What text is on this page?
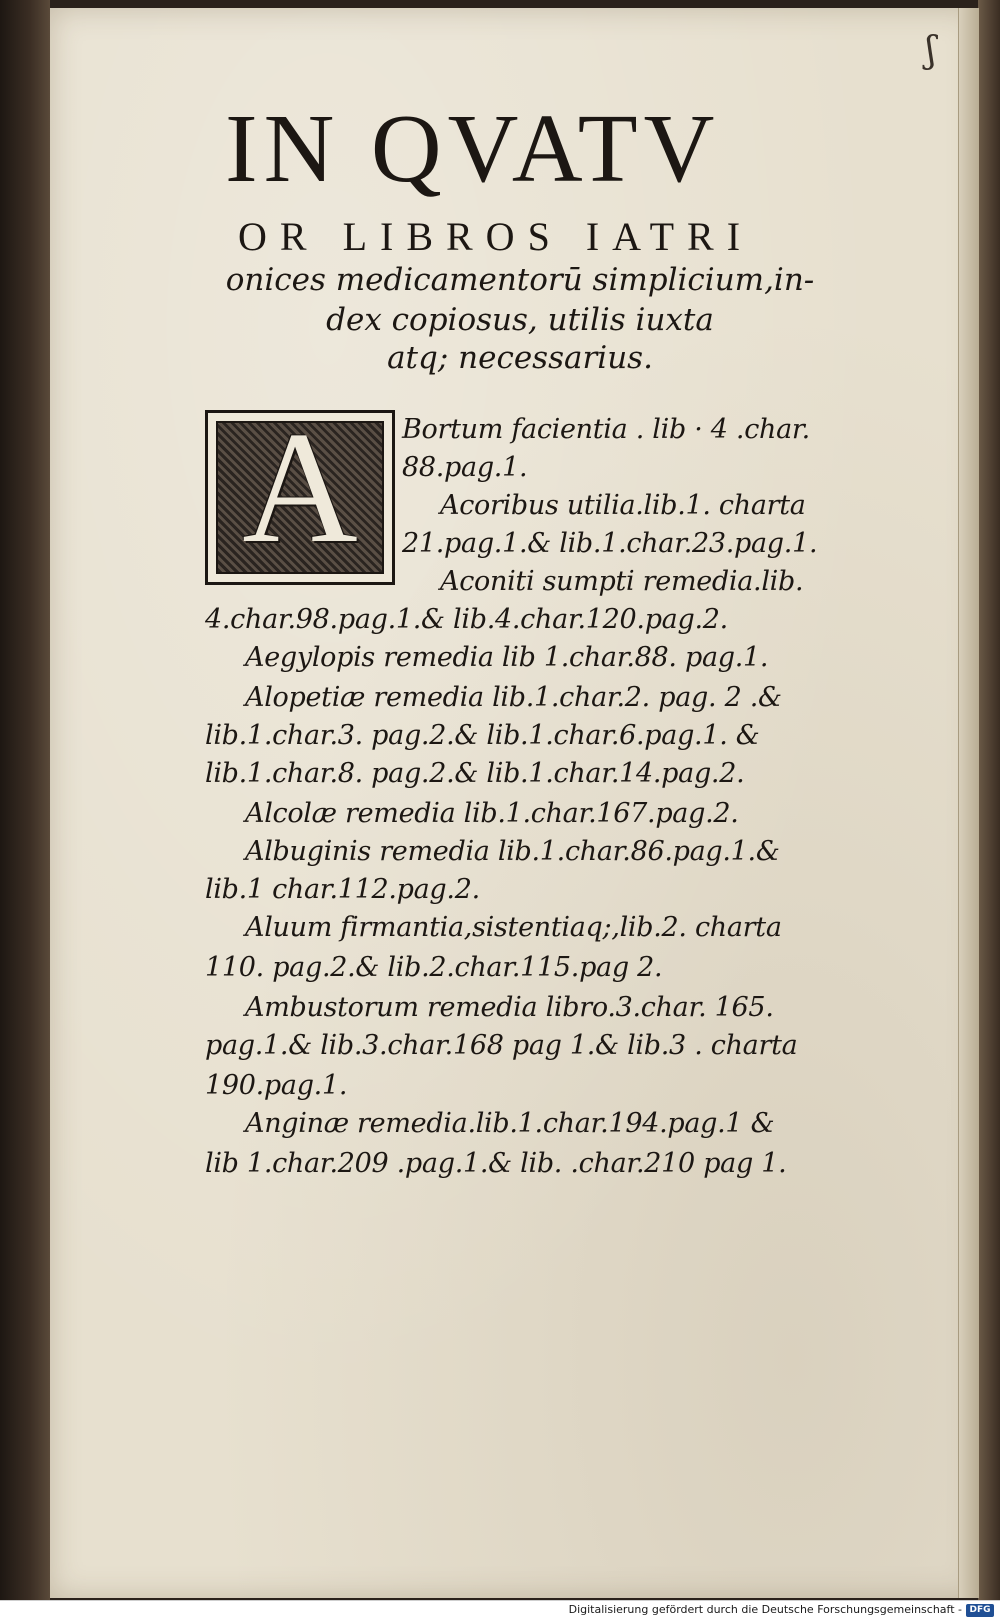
ʃ
IN QVATV
OR LIBROS IATRI
onices medicamentorū simplicium,in-
dex copiosus, utilis iuxta
atq; necessarius.
A	Bortum facientia . lib · 4 .char.
88.pag.1.
Acoribus utilia.lib.1. charta
21.pag.1.& lib.1.char.23.pag.1.
Aconiti sumpti remedia.lib.
4.char.98.pag.1.& lib.4.char.120.pag.2.
Aegylopis remedia lib 1.char.88. pag.1.
Alopetiæ remedia lib.1.char.2. pag. 2 .&
lib.1.char.3. pag.2.& lib.1.char.6.pag.1. &
lib.1.char.8. pag.2.& lib.1.char.14.pag.2.
Alcolæ remedia lib.1.char.167.pag.2.
Albuginis remedia lib.1.char.86.pag.1.&
lib.1 char.112.pag.2.
Aluum firmantia,sistentiaq;,lib.2. charta
110. pag.2.& lib.2.char.115.pag 2.
Ambustorum remedia libro.3.char. 165.
pag.1.& lib.3.char.168 pag 1.& lib.3 . charta
190.pag.1.
Anginæ remedia.lib.1.char.194.pag.1 &
lib 1.char.209 .pag.1.& lib. .char.210 pag 1.
Digitalisierung gefördert durch die Deutsche Forschungsgemeinschaft - DFG
